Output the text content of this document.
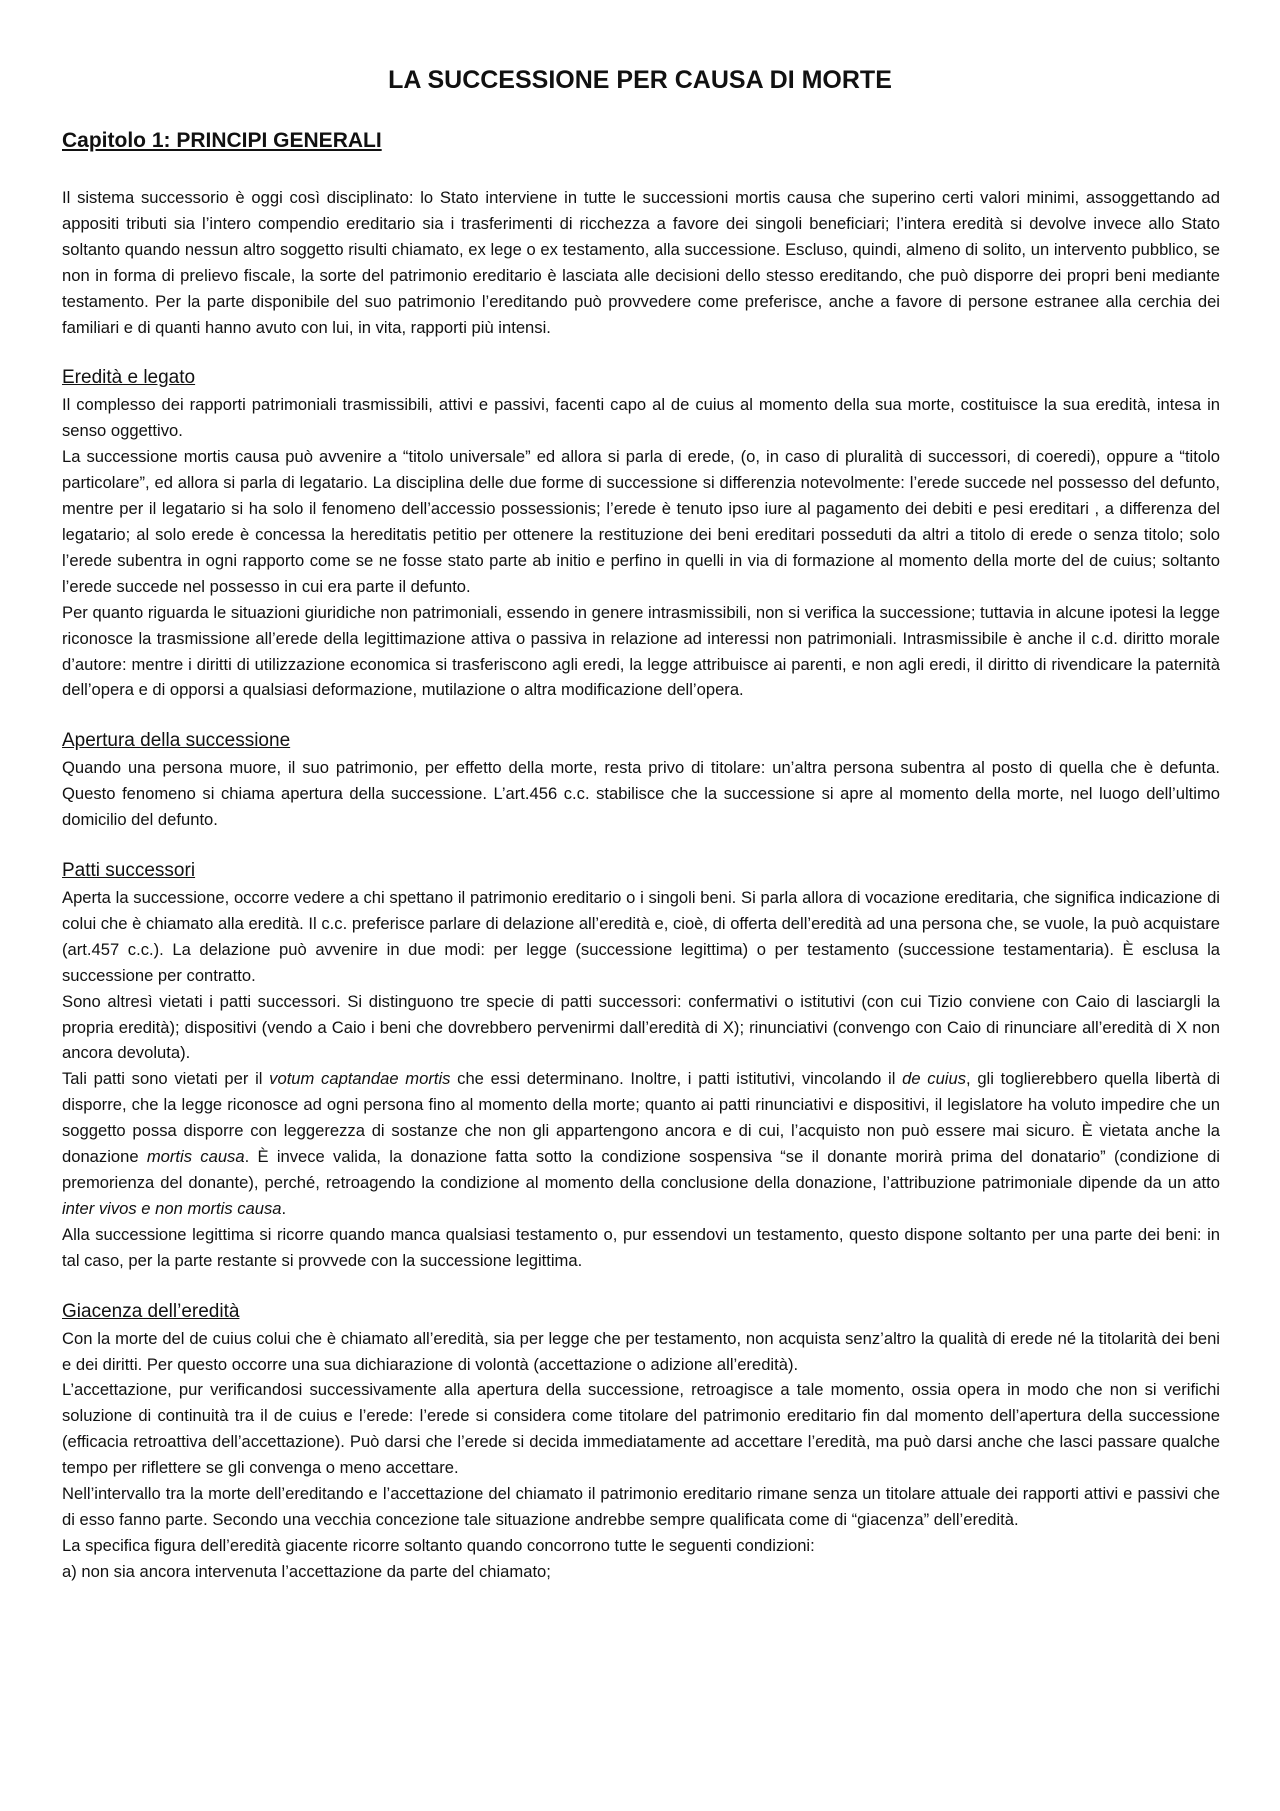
LA SUCCESSIONE PER CAUSA DI MORTE
Capitolo 1: PRINCIPI GENERALI

Il sistema successorio è oggi così disciplinato: lo Stato interviene in tutte le successioni mortis causa che superino certi valori minimi, assoggettando ad appositi tributi sia l’intero compendio ereditario sia i trasferimenti di ricchezza a favore dei singoli beneficiari; l’intera eredità si devolve invece allo Stato soltanto quando nessun altro soggetto risulti chiamato, ex lege o ex testamento, alla successione. Escluso, quindi, almeno di solito, un intervento pubblico, se non in forma di prelievo fiscale, la sorte del patrimonio ereditario è lasciata alle decisioni dello stesso ereditando, che può disporre dei propri beni mediante testamento. Per la parte disponibile del suo patrimonio l’ereditando può provvedere come preferisce, anche a favore di persone estranee alla cerchia dei familiari e di quanti hanno avuto con lui, in vita, rapporti più intensi.

Eredità e legato

Il complesso dei rapporti patrimoniali trasmissibili, attivi e passivi, facenti capo al de cuius al momento della sua morte, costituisce la sua eredità, intesa in senso oggettivo.

La successione mortis causa può avvenire a “titolo universale” ed allora si parla di erede, (o, in caso di pluralità di successori, di coeredi), oppure a “titolo particolare”, ed allora si parla di legatario. La disciplina delle due forme di successione si differenzia notevolmente: l’erede succede nel possesso del defunto, mentre per il legatario si ha solo il fenomeno dell’accessio possessionis; l’erede è tenuto ipso iure al pagamento dei debiti e pesi ereditari , a differenza del legatario; al solo erede è concessa la hereditatis petitio per ottenere la restituzione dei beni ereditari posseduti da altri a titolo di erede o senza titolo; solo l’erede subentra in ogni rapporto come se ne fosse stato parte ab initio e perfino in quelli in via di formazione al momento della morte del de cuius; soltanto l’erede succede nel possesso in cui era parte il defunto.

Per quanto riguarda le situazioni giuridiche non patrimoniali, essendo in genere intrasmissibili, non si verifica la successione; tuttavia in alcune ipotesi la legge riconosce la trasmissione all’erede della legittimazione attiva o passiva in relazione ad interessi non patrimoniali. Intrasmissibile è anche il c.d. diritto morale d’autore: mentre i diritti di utilizzazione economica si trasferiscono agli eredi, la legge attribuisce ai parenti, e non agli eredi, il diritto di rivendicare la paternità dell’opera e di opporsi a qualsiasi deformazione, mutilazione o altra modificazione dell’opera.

Apertura della successione

Quando una persona muore, il suo patrimonio, per effetto della morte, resta privo di titolare: un’altra persona subentra al posto di quella che è defunta. Questo fenomeno si chiama apertura della successione. L’art.456 c.c. stabilisce che la successione si apre al momento della morte, nel luogo dell’ultimo domicilio del defunto.

Patti successori

Aperta la successione, occorre vedere a chi spettano il patrimonio ereditario o i singoli beni. Si parla allora di vocazione ereditaria, che significa indicazione di colui che è chiamato alla eredità. Il c.c. preferisce parlare di delazione all’eredità e, cioè, di offerta dell’eredità ad una persona che, se vuole, la può acquistare (art.457 c.c.). La delazione può avvenire in due modi: per legge (successione legittima) o per testamento (successione testamentaria). È esclusa la successione per contratto.

Sono altresì vietati i patti successori. Si distinguono tre specie di patti successori: confermativi o istitutivi (con cui Tizio conviene con Caio di lasciargli la propria eredità); dispositivi (vendo a Caio i beni che dovrebbero pervenirmi dall’eredità di X); rinunciativi (convengo con Caio di rinunciare all’eredità di X non ancora devoluta).

Tali patti sono vietati per il votum captandae mortis che essi determinano. Inoltre, i patti istitutivi, vincolando il de cuius, gli toglierebbero quella libertà di disporre, che la legge riconosce ad ogni persona fino al momento della morte; quanto ai patti rinunciativi e dispositivi, il legislatore ha voluto impedire che un soggetto possa disporre con leggerezza di sostanze che non gli appartengono ancora e di cui, l’acquisto non può essere mai sicuro. È vietata anche la donazione mortis causa. È invece valida, la donazione fatta sotto la condizione sospensiva “se il donante morirà prima del donatario” (condizione di premorienza del donante), perché, retroagendo la condizione al momento della conclusione della donazione, l’attribuzione patrimoniale dipende da un atto inter vivos e non mortis causa.

Alla successione legittima si ricorre quando manca qualsiasi testamento o, pur essendovi un testamento, questo dispone soltanto per una parte dei beni: in tal caso, per la parte restante si provvede con la successione legittima.

Giacenza dell’eredità

Con la morte del de cuius colui che è chiamato all’eredità, sia per legge che per testamento, non acquista senz’altro la qualità di erede né la titolarità dei beni e dei diritti. Per questo occorre una sua dichiarazione di volontà (accettazione o adizione all’eredità).

L’accettazione, pur verificandosi successivamente alla apertura della successione, retroagisce a tale momento, ossia opera in modo che non si verifichi soluzione di continuità tra il de cuius e l’erede: l’erede si considera come titolare del patrimonio ereditario fin dal momento dell’apertura della successione (efficacia retroattiva dell’accettazione). Può darsi che l’erede si decida immediatamente ad accettare l’eredità, ma può darsi anche che lasci passare qualche tempo per riflettere se gli convenga o meno accettare.

Nell’intervallo tra la morte dell’ereditando e l’accettazione del chiamato il patrimonio ereditario rimane senza un titolare attuale dei rapporti attivi e passivi che di esso fanno parte. Secondo una vecchia concezione tale situazione andrebbe sempre qualificata come di “giacenza” dell’eredità.

La specifica figura dell’eredità giacente ricorre soltanto quando concorrono tutte le seguenti condizioni:

a) non sia ancora intervenuta l’accettazione da parte del chiamato;
